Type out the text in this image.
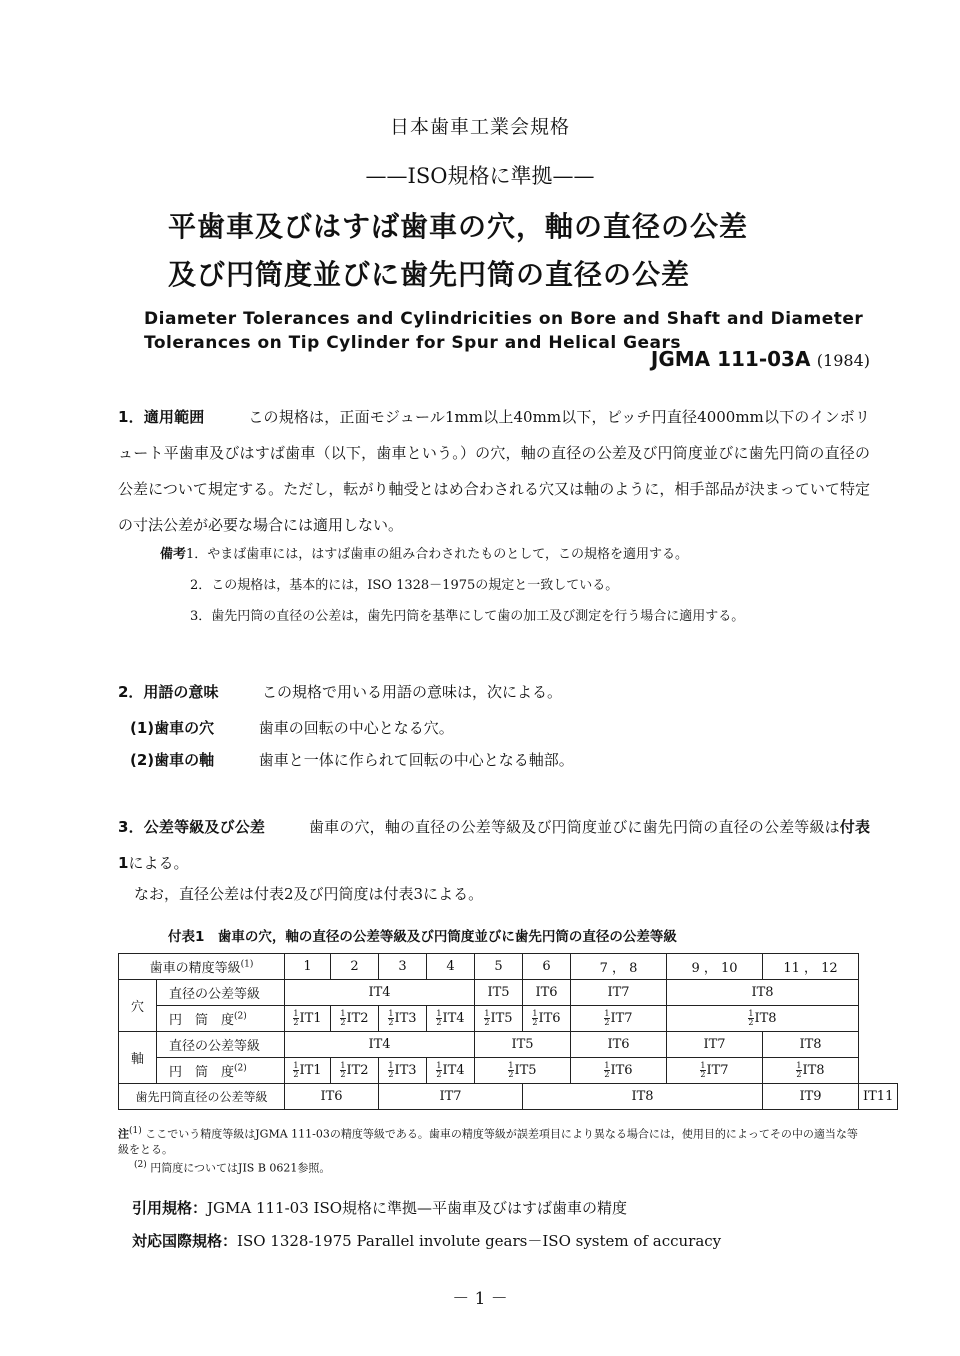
日本歯車工業会規格
——ISO規格に準拠——
平歯車及びはすば歯車の穴，軸の直径の公差
及び円筒度並びに歯先円筒の直径の公差
Diameter Tolerances and Cylindricities on Bore and Shaft and Diameter
Tolerances on Tip Cylinder for Spur and Helical Gears
JGMA 111-03A (1984)
1．適用範囲	この規格は，正面モジュール1mm以上40mm以下，ピッチ円直径4000mm以下のインボリュート平歯車及びはすば歯車（以下，歯車という。）の穴，軸の直径の公差及び円筒度並びに歯先円筒の直径の公差について規定する。ただし，転がり軸受とはめ合わされる穴又は軸のように，相手部品が決まっていて特定の寸法公差が必要な場合には適用しない。
備考1．やまば歯車には，はすば歯車の組み合わされたものとして，この規格を適用する。
2．この規格は，基本的には，ISO 1328－1975の規定と一致している。
3．歯先円筒の直径の公差は，歯先円筒を基準にして歯の加工及び測定を行う場合に適用する。
2．用語の意味	この規格で用いる用語の意味は，次による。
(1)歯車の穴	歯車の回転の中心となる穴。
(2)歯車の軸	歯車と一体に作られて回転の中心となる軸部。
3．公差等級及び公差	歯車の穴，軸の直径の公差等級及び円筒度並びに歯先円筒の直径の公差等級は付表1による。
なお，直径公差は付表2及び円筒度は付表3による。
付表1　歯車の穴，軸の直径の公差等級及び円筒度並びに歯先円筒の直径の公差等級
歯車の精度等級$^{(1)}$		1	2	3	4	5	6	7 ， 8	9 ， 10	11 ， 12	
穴	直径の公差等級	IT4				IT5	IT6	IT7	IT8		
	円　筒　度$^{(2)}$	$\frac{1}{2} IT1$	$\frac{1}{2} IT2$	$\frac{1}{2} IT3$	$\frac{1}{2} IT4$	$\frac{1}{2} IT5$	$\frac{1}{2} IT6$	$\frac{1}{2} IT7$	$\frac{1}{2} IT8$		
軸	直径の公差等級	IT4				IT5		IT6	IT7	IT8	
	円　筒　度$^{(2)}$	$\frac{1}{2} IT1$	$\frac{1}{2} IT2$	$\frac{1}{2} IT3$	$\frac{1}{2} IT4$	$\frac{1}{2} IT5$		$\frac{1}{2} IT6$	$\frac{1}{2} IT7$	$\frac{1}{2} IT8$	
歯先円筒直径の公差等級		IT6		IT7			IT8			IT9	IT11
注$^{(1)}$ ここでいう精度等級はJGMA 111-03の精度等級である。歯車の精度等級が誤差項目により異なる場合には，使用目的によってその中の適当な等級をとる。
$^{(2)}$ 円筒度についてはJIS B 0621参照。
引用規格：JGMA 111-03 ISO規格に準拠—平歯車及びはすば歯車の精度
対応国際規格：ISO 1328-1975 Parallel involute gears－ISO system of accuracy
－ 1 －
